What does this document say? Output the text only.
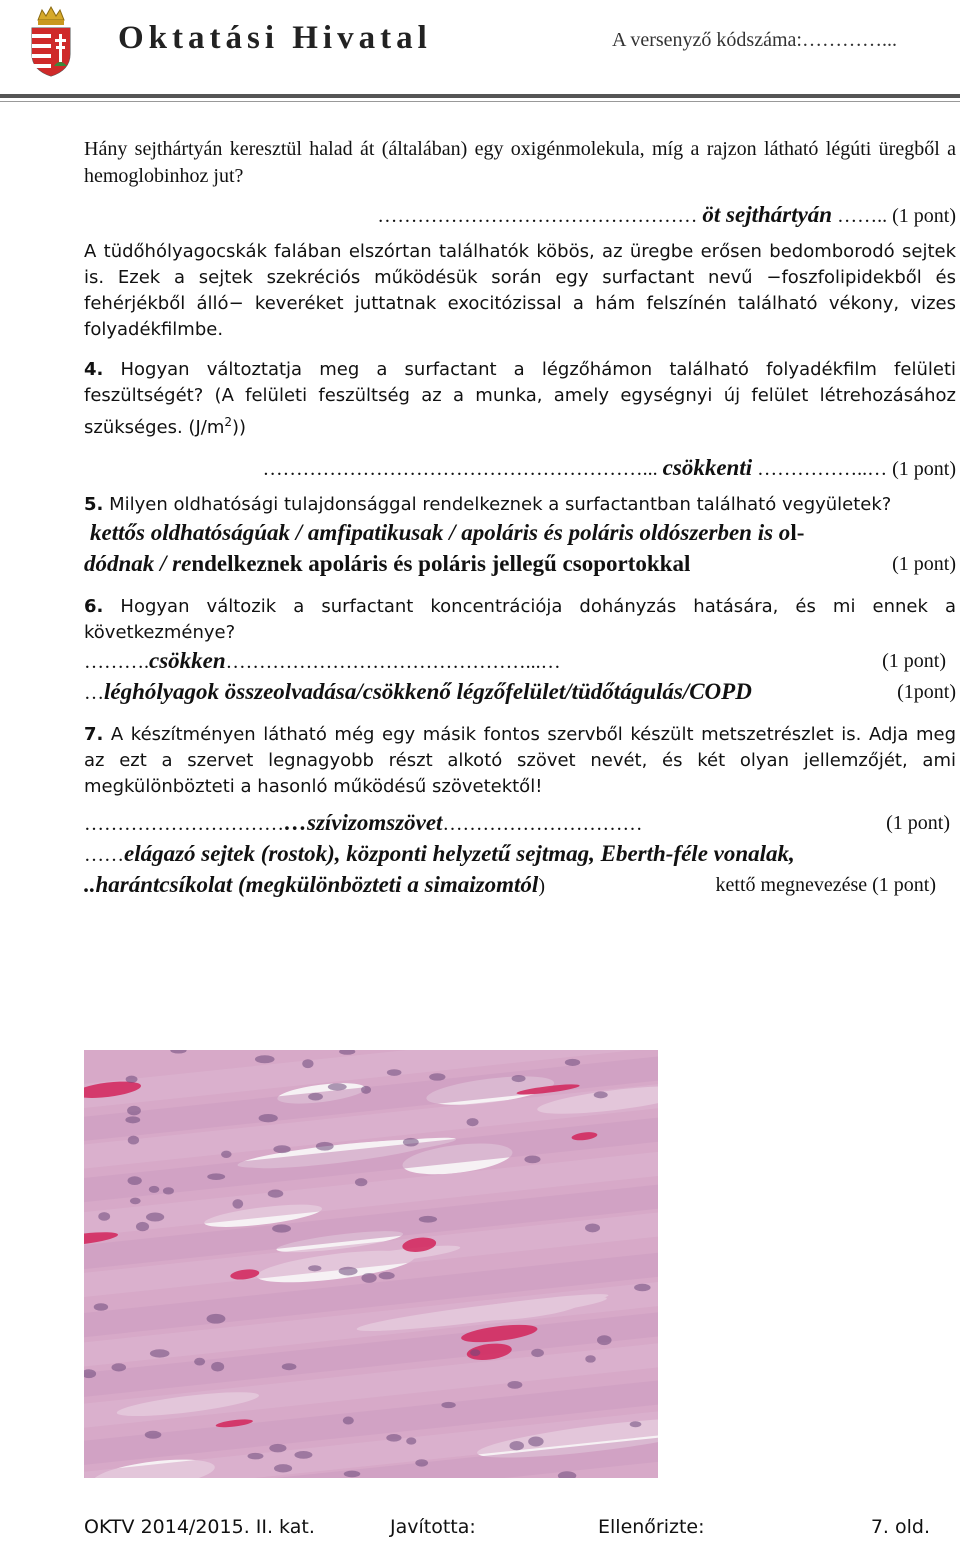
Oktatási Hivatal	A versenyző kódszáma:…………...

Hány sejthártyán keresztül halad át (általában) egy oxigénmolekula, míg a rajzon látható légúti üregből a hemoglobinhoz jut?

………………………………………… öt sejthártyán …….. (1 pont)

A tüdőhólyagocskák falában elszórtan találhatók köbös, az üregbe erősen bedomborodó sejtek is. Ezek a sejtek szekréciós működésük során egy surfactant nevű −foszfolipidekből és fehérjékből álló− keveréket juttatnak exocitózissal a hám felszínén található vékony, vizes folyadékfilmbe.

4. Hogyan változtatja meg a surfactant a légzőhámon található folyadékfilm felületi feszültségét? (A felületi feszültség az a munka, amely egységnyi új felület létrehozásához szükséges. $(J/m^2)$)

…………………………………………………... csökkenti ……………..… (1 pont)

5. Milyen oldhatósági tulajdonsággal rendelkeznek a surfactantban található vegyületek?

kettős oldhatóságúak / amfipatikusak / apoláris és poláris oldószerben is ol-

dódnak / rendelkeznek apoláris és poláris jellegű csoportokkal	(1 pont)

6. Hogyan változik a surfactant koncentrációja dohányzás hatására, és mi ennek a következménye?

……….csökken………………………………………...…	(1 pont)

…léghólyagok összeolvadása/csökkenő légzőfelület/tüdőtágulás/COPD	(1pont)

7. A készítményen látható még egy másik fontos szervből készült metszetrészlet is. Adja meg az ezt a szervet legnagyobb részt alkotó szövet nevét, és két olyan jellemzőjét, ami megkülönbözteti a hasonló működésű szövetektől!

……………………………szívizomszövet…………………………	(1 pont)

……elágazó sejtek (rostok), központi helyzetű sejtmag, Eberth-féle vonalak,

..harántcsíkolat (megkülönbözteti a simaizomtól)	kettő megnevezése (1 pont)

OKTV 2014/2015. II. kat.	Javította:	Ellenőrizte:	7. old.
